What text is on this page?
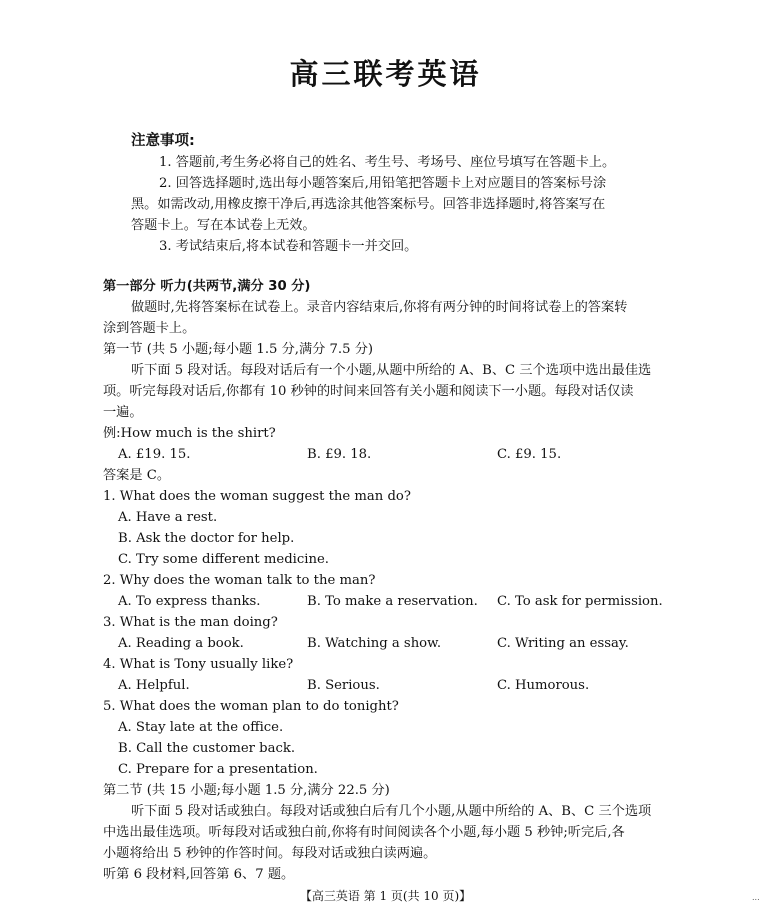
高三联考英语
注意事项:
1. 答题前,考生务必将自己的姓名、考生号、考场号、座位号填写在答题卡上。
2. 回答选择题时,选出每小题答案后,用铅笔把答题卡上对应题目的答案标号涂
黑。如需改动,用橡皮擦干净后,再选涂其他答案标号。回答非选择题时,将答案写在
答题卡上。写在本试卷上无效。
3. 考试结束后,将本试卷和答题卡一并交回。
第一部分 听力(共两节,满分 30 分)
做题时,先将答案标在试卷上。录音内容结束后,你将有两分钟的时间将试卷上的答案转
涂到答题卡上。
第一节 (共 5 小题;每小题 1.5 分,满分 7.5 分)
听下面 5 段对话。每段对话后有一个小题,从题中所给的 A、B、C 三个选项中选出最佳选
项。听完每段对话后,你都有 10 秒钟的时间来回答有关小题和阅读下一小题。每段对话仅读
一遍。
例:How much is the shirt?
A. £19. 15.	B. £9. 18.	C. £9. 15.
答案是 C。
1. What does the woman suggest the man do?
A. Have a rest.
B. Ask the doctor for help.
C. Try some different medicine.
2. Why does the woman talk to the man?
A. To express thanks.	B. To make a reservation. C. To ask for permission.
3. What is the man doing?
A. Reading a book.	B. Watching a show.	C. Writing an essay.
4. What is Tony usually like?
A. Helpful.	B. Serious.	C. Humorous.
5. What does the woman plan to do tonight?
A. Stay late at the office.
B. Call the customer back.
C. Prepare for a presentation.
第二节 (共 15 小题;每小题 1.5 分,满分 22.5 分)
听下面 5 段对话或独白。每段对话或独白后有几个小题,从题中所给的 A、B、C 三个选项
中选出最佳选项。听每段对话或独白前,你将有时间阅读各个小题,每小题 5 秒钟;听完后,各
小题将给出 5 秒钟的作答时间。每段对话或独白读两遍。
听第 6 段材料,回答第 6、7 题。
【高三英语 第 1 页(共 10 页)】	...
